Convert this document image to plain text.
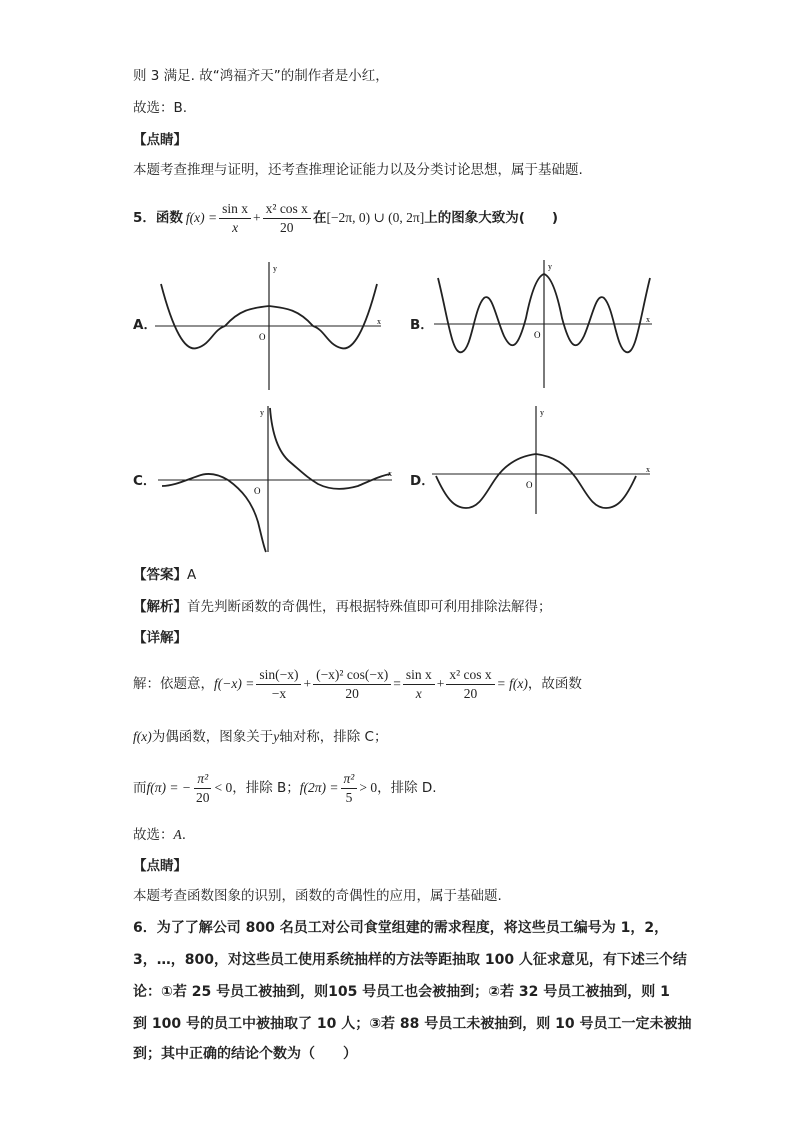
则 3 满足. 故“鸿福齐天”的制作者是小红，
故选：B.
【点睛】
本题考查推理与证明，还考查推理论证能力以及分类讨论思想，属于基础题.
5． 函数 $f(x) = \frac{\text{sin x}}{x} + \frac{\text{x² cos x}}{20}$ 在 [−2π, 0) ∪ (0, 2π] 上的图象大致为(　　)
A．	B．
C．	D．
y
x
O
y
x
O
y
x
O
y
x
O
【答案】A
【解析】首先判断函数的奇偶性，再根据特殊值即可利用排除法解得；
【详解】
解：依题意， $f(-x) = \frac{\sin(-x)}{-x} + \frac{\text{(−x)² cos(−x)}}{20} = \frac{\text{sin x}}{x} + \frac{\text{x² cos x}}{20} = f(x)$ ，故函数
f(x)为偶函数，图象关于y轴对称，排除 C；
而 f(π) = − $\frac{\text{π²}}{20} < 0$ ，排除 B； $f(2\pi) = \frac{\text{π²}}{5} > 0$ ，排除 D.
故选：A.
【点睛】
本题考查函数图象的识别，函数的奇偶性的应用，属于基础题.
6．为了了解公司 800 名员工对公司食堂组建的需求程度，将这些员工编号为 1，2，
3，…，800，对这些员工使用系统抽样的方法等距抽取 100 人征求意见，有下述三个结
论：①若 25 号员工被抽到，则105 号员工也会被抽到；②若 32 号员工被抽到，则 1
到 100 号的员工中被抽取了 10 人；③若 88 号员工未被抽到，则 10 号员工一定未被抽
到；其中正确的结论个数为（　　）
